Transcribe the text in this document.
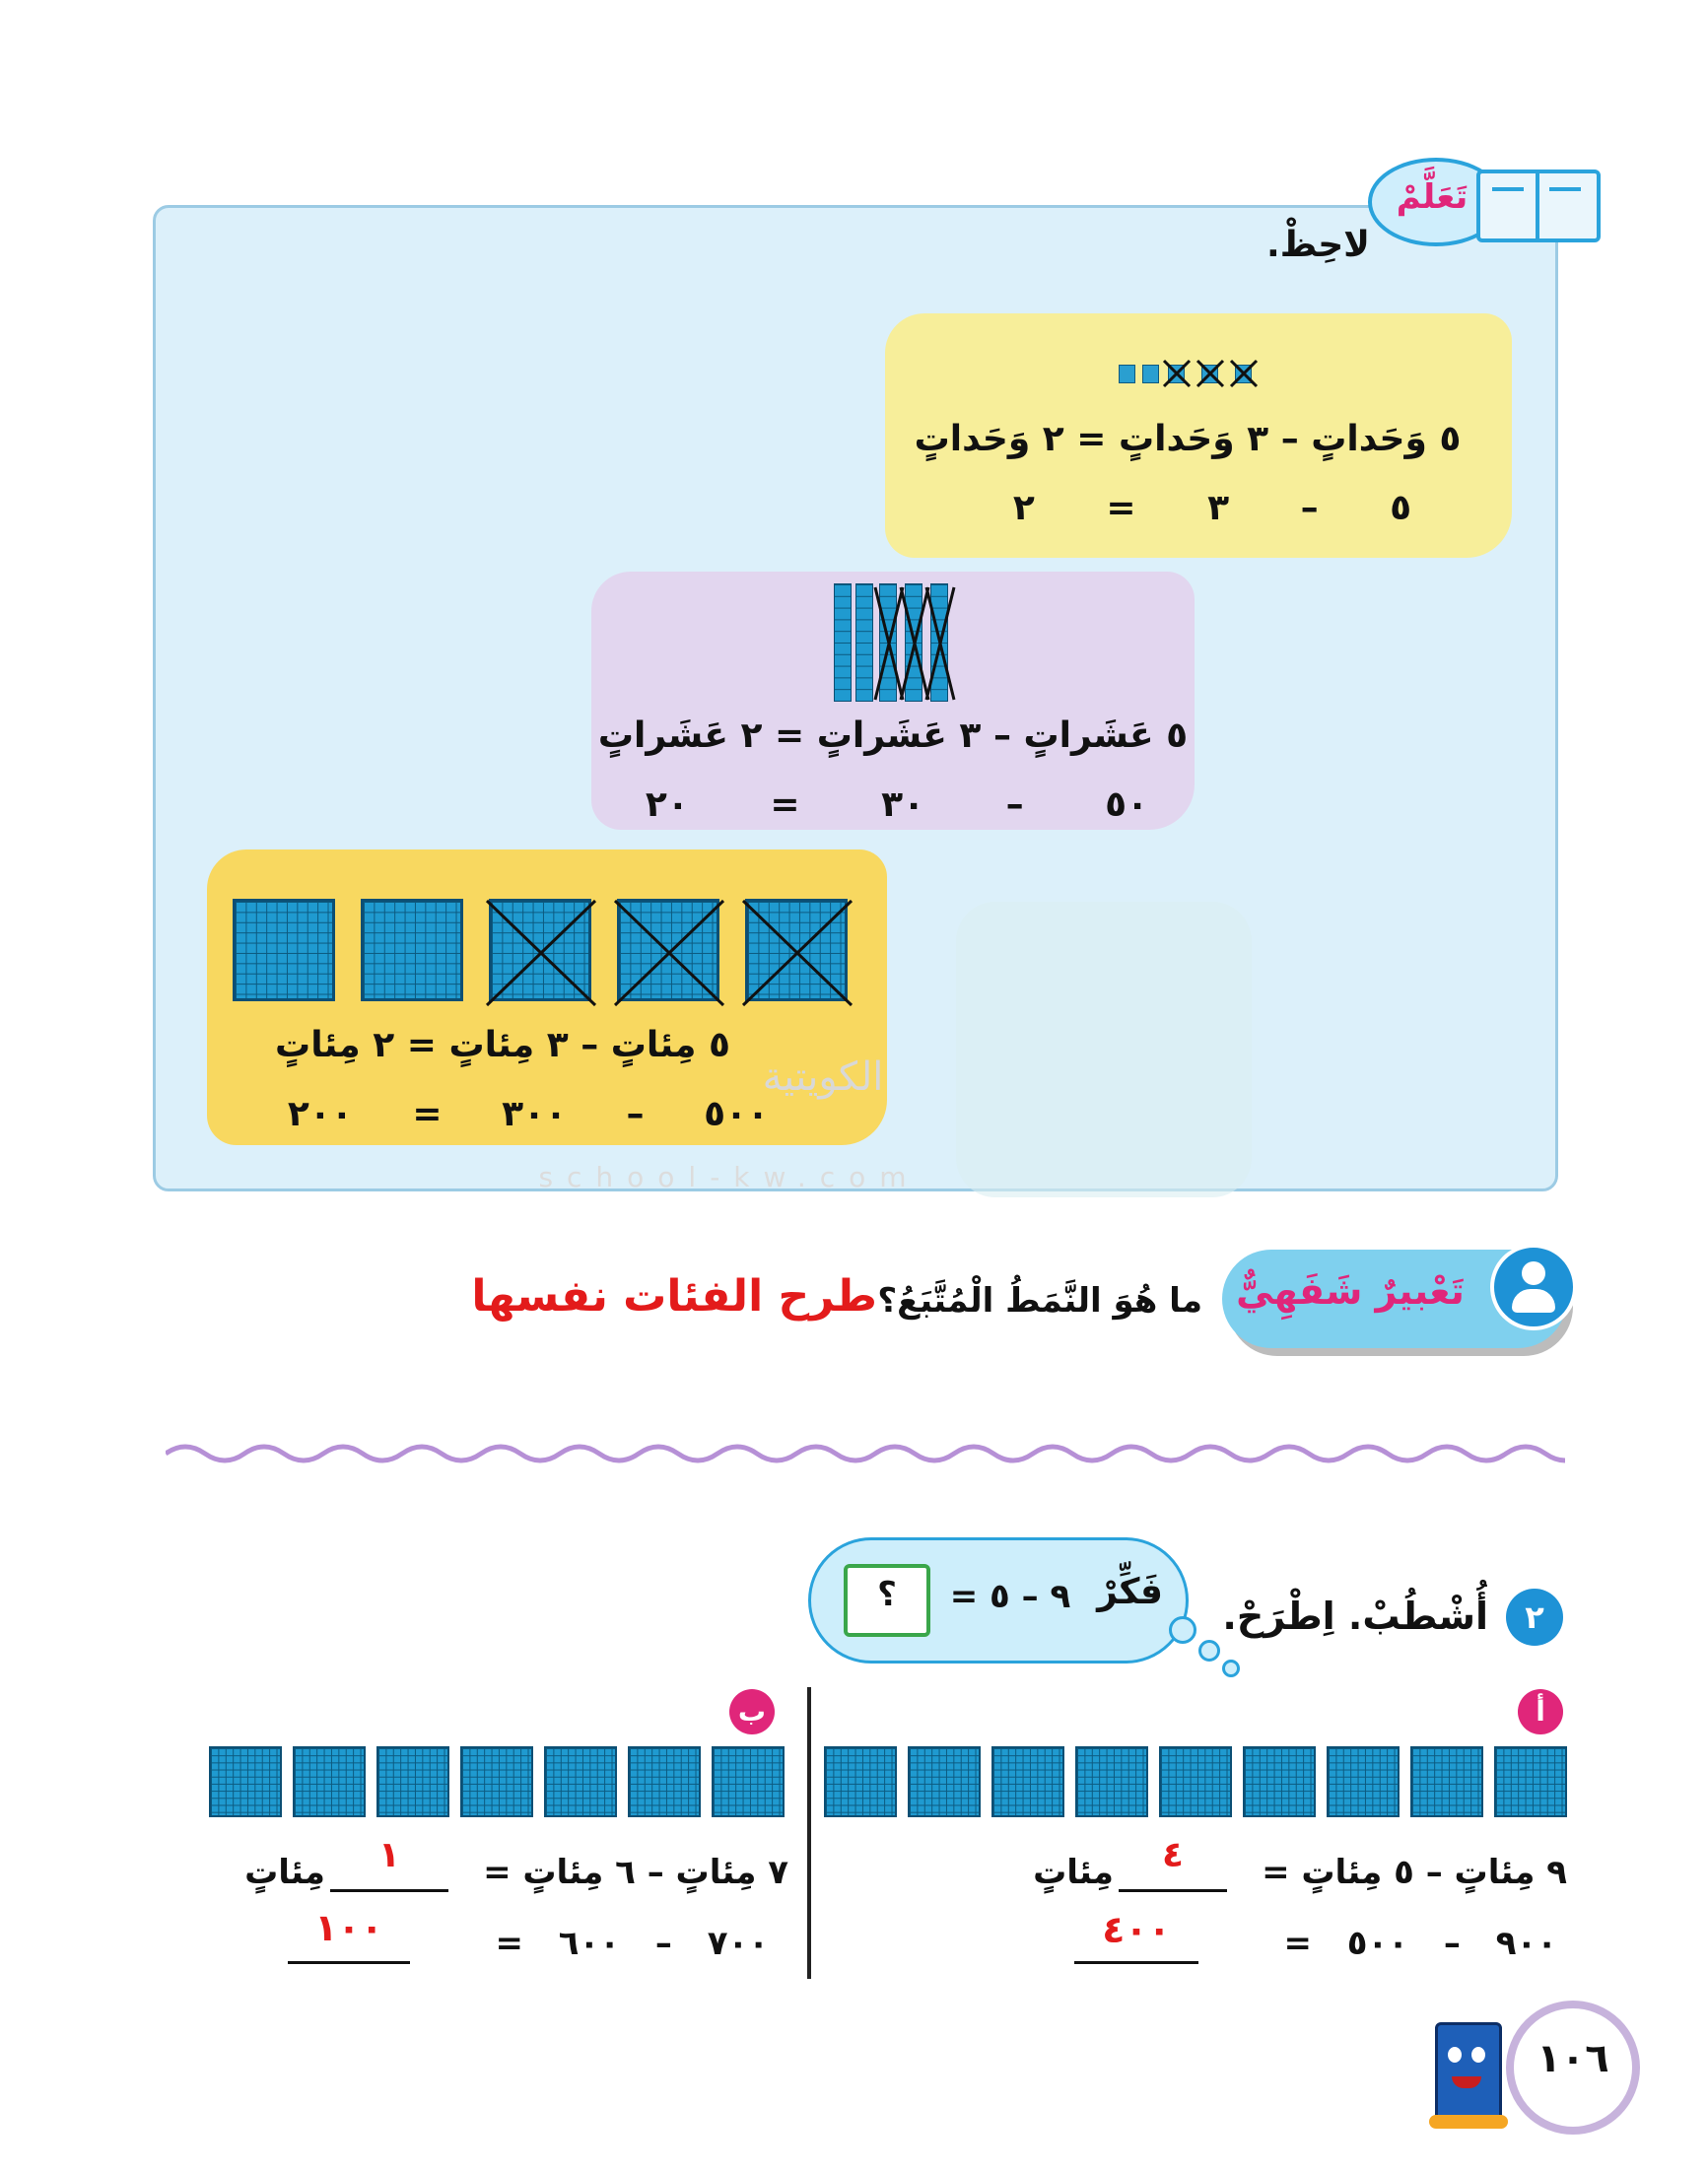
تَعَلَّمْ
لاحِظْ.
٥ وَحَداتٍ – ٣ وَحَداتٍ = ٢ وَحَداتٍ
٥ – ٣ = ٢
٥ عَشَراتٍ – ٣ عَشَراتٍ = ٢ عَشَراتٍ
٥٠ – ٣٠ = ٢٠
٥ مِئاتٍ – ٣ مِئاتٍ = ٢ مِئاتٍ
٥٠٠ – ٣٠٠ = ٢٠٠
الكويتية
school-kw.com
تَعْبيرٌ شَفَهِيٌّ
ما هُوَ النَّمَطُ الْمُتَّبَعُ؟
طرح الفئات نفسها
فَكِّرْ
٩ – ٥ =
؟
٢
أُشْطُبْ. اِطْرَحْ.
أ
مِئاتٍ	٤	٩ مِئاتٍ – ٥ مِئاتٍ =
٤٠٠	٩٠٠ – ٥٠٠ =
ب
مِئاتٍ	١	٧ مِئاتٍ – ٦ مِئاتٍ =
١٠٠	٧٠٠ – ٦٠٠ =
١٠٦
